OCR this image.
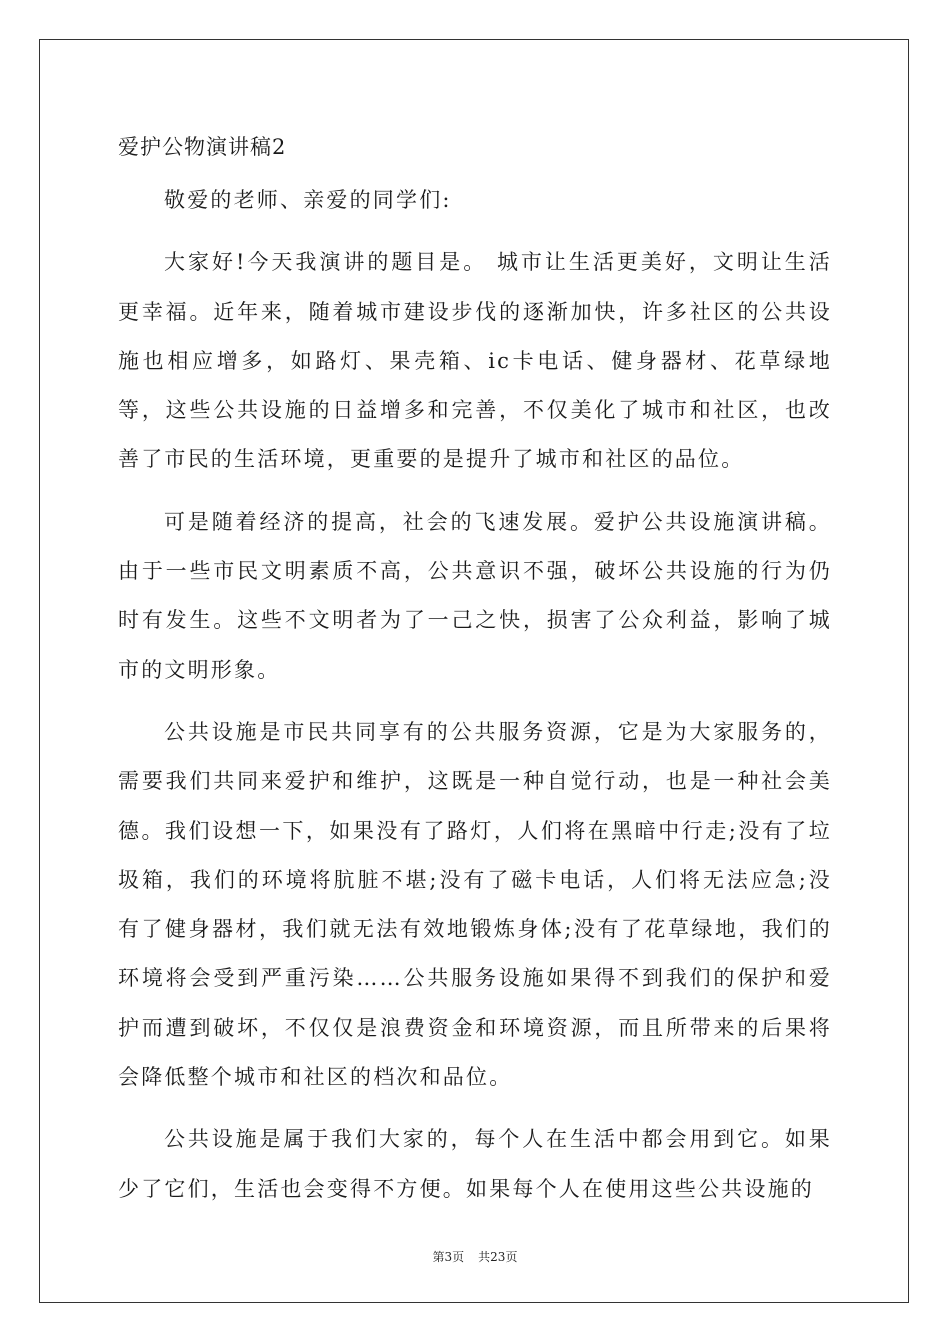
爱护公物演讲稿2

敬爱的老师、亲爱的同学们:

大家好!今天我演讲的题目是。 城市让生活更美好，文明让生活更幸福。近年来，随着城市建设步伐的逐渐加快，许多社区的公共设施也相应增多，如路灯、果壳箱、ic卡电话、健身器材、花草绿地等，这些公共设施的日益增多和完善，不仅美化了城市和社区，也改善了市民的生活环境，更重要的是提升了城市和社区的品位。

可是随着经济的提高，社会的飞速发展。爱护公共设施演讲稿。由于一些市民文明素质不高，公共意识不强，破坏公共设施的行为仍时有发生。这些不文明者为了一己之快，损害了公众利益，影响了城市的文明形象。

公共设施是市民共同享有的公共服务资源，它是为大家服务的，需要我们共同来爱护和维护，这既是一种自觉行动，也是一种社会美德。我们设想一下，如果没有了路灯，人们将在黑暗中行走;没有了垃圾箱，我们的环境将肮脏不堪;没有了磁卡电话，人们将无法应急;没有了健身器材，我们就无法有效地锻炼身体;没有了花草绿地，我们的环境将会受到严重污染……公共服务设施如果得不到我们的保护和爱护而遭到破坏，不仅仅是浪费资金和环境资源，而且所带来的后果将会降低整个城市和社区的档次和品位。

公共设施是属于我们大家的，每个人在生活中都会用到它。如果少了它们，生活也会变得不方便。如果每个人在使用这些公共设施的

第3页 共23页
